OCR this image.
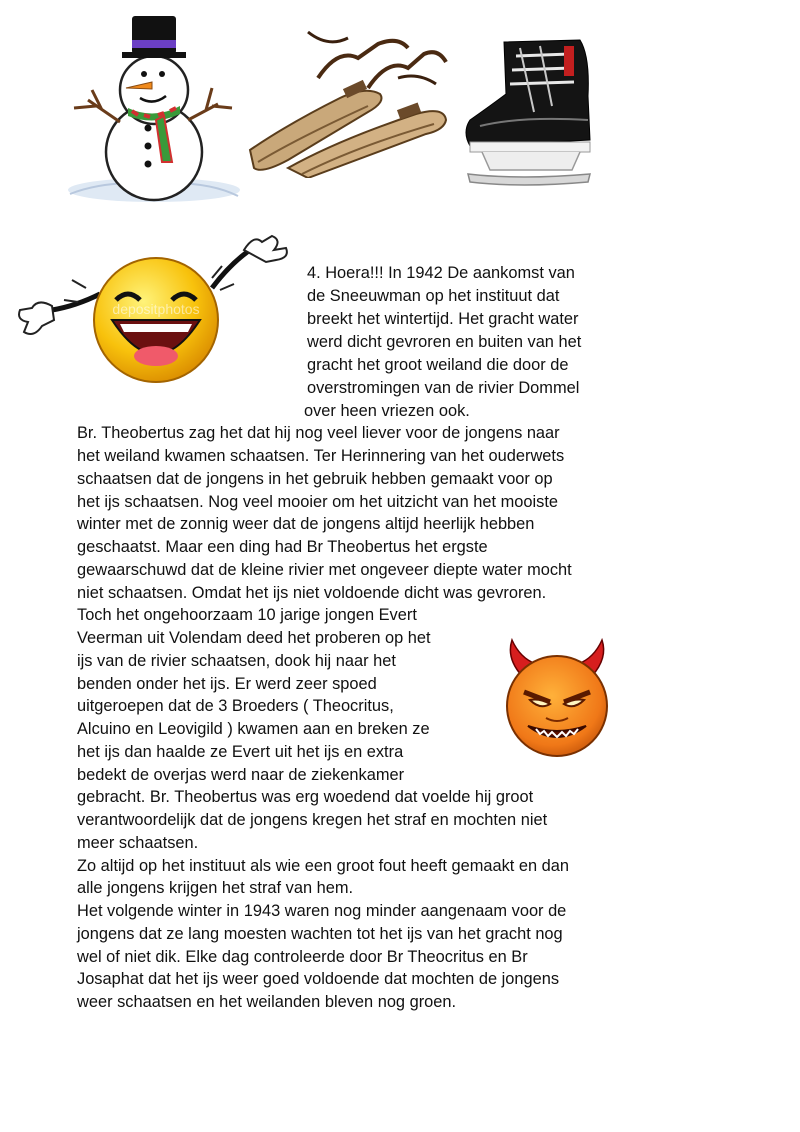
depositphotos
4. Hoera!!! In 1942 De aankomst van
de Sneeuwman op het instituut dat
breekt het wintertijd. Het gracht water
werd dicht gevroren en buiten van het
gracht het groot weiland die door de
overstromingen van de rivier Dommel
over heen vriezen ook.
Br. Theobertus zag het dat hij nog veel liever voor de jongens naar
het weiland kwamen schaatsen. Ter Herinnering van het ouderwets
schaatsen dat de jongens in het gebruik hebben gemaakt voor op
het ijs schaatsen. Nog veel mooier om het uitzicht van het mooiste
winter met de zonnig weer dat de jongens altijd heerlijk hebben
geschaatst. Maar een ding had Br Theobertus het ergste
gewaarschuwd dat de kleine rivier met ongeveer diepte water mocht
niet schaatsen. Omdat het ijs niet voldoende dicht was gevroren.
Toch het ongehoorzaam 10 jarige jongen Evert
Veerman uit Volendam deed het proberen op het
ijs van de rivier schaatsen, dook hij naar het
benden onder het ijs. Er werd zeer spoed
uitgeroepen dat de 3 Broeders ( Theocritus,
Alcuino en Leovigild ) kwamen aan en breken ze
het ijs dan haalde ze Evert uit het ijs en extra
bedekt de overjas werd naar de ziekenkamer
gebracht. Br. Theobertus was erg woedend dat voelde hij groot
verantwoordelijk dat de jongens kregen het straf en mochten niet
meer schaatsen.
Zo altijd op het instituut als wie een groot fout heeft gemaakt en dan
alle jongens krijgen het straf van hem.
Het volgende winter in 1943 waren nog minder aangenaam voor de
jongens dat ze lang moesten wachten tot het ijs van het gracht nog
wel of niet dik. Elke dag controleerde door Br Theocritus en Br
Josaphat dat het ijs weer goed voldoende dat mochten de jongens
weer schaatsen en het weilanden bleven nog groen.
